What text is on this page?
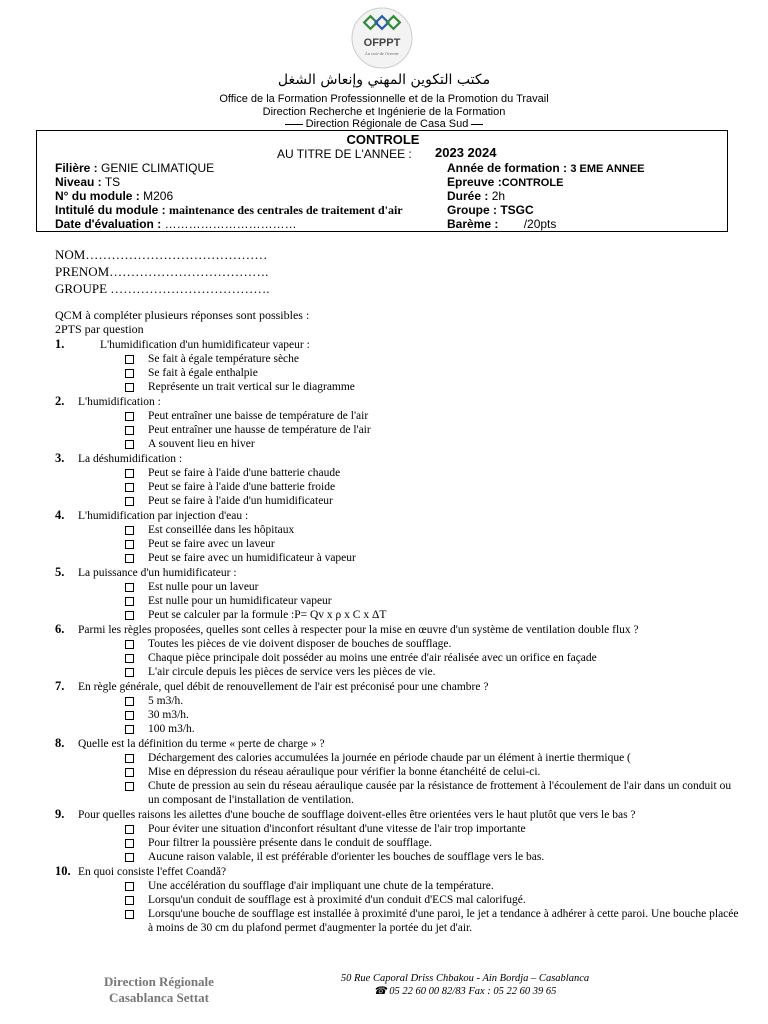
OFPPT
La voie de l'avenir
مكتب التكوين المهني وإنعاش الشغل
Office de la Formation Professionnelle et de la Promotion du Travail
Direction Recherche et Ingénierie de la Formation
Direction Régionale de Casa Sud
CONTROLE
AU TITRE DE L'ANNEE : 2023 2024
Filière : GENIE CLIMATIQUE
Niveau : TS
N° du module : M206
Intitulé du module : maintenance des centrales de traitement d'air
Date d'évaluation : ……………………………
Année de formation : 3 EME ANNEE
Epreuve :CONTROLE
Durée : 2h
Groupe : TSGC
Barème : /20pts
NOM……………………………………
PRENOM……………………………….
GROUPE ……………………………….
QCM à compléter plusieurs réponses sont possibles :
2PTS par question
1.	L'humidification d'un humidificateur vapeur :
Se fait à égale température sèche
Se fait à égale enthalpie
Représente un trait vertical sur le diagramme
2.	L'humidification :
Peut entraîner une baisse de température de l'air
Peut entraîner une hausse de température de l'air
A souvent lieu en hiver
3.	La déshumidification :
Peut se faire à l'aide d'une batterie chaude
Peut se faire à l'aide d'une batterie froide
Peut se faire à l'aide d'un humidificateur
4.	L'humidification par injection d'eau :
Est conseillée dans les hôpitaux
Peut se faire avec un laveur
Peut se faire avec un humidificateur à vapeur
5.	La puissance d'un humidificateur :
Est nulle pour un laveur
Est nulle pour un humidificateur vapeur
Peut se calculer par la formule :P= Qv x ρ x C x ΔT
6.	Parmi les règles proposées, quelles sont celles à respecter pour la mise en œuvre d'un système de ventilation double flux ?
Toutes les pièces de vie doivent disposer de bouches de soufflage.
Chaque pièce principale doit posséder au moins une entrée d'air réalisée avec un orifice en façade
L'air circule depuis les pièces de service vers les pièces de vie.
7.	En règle générale, quel débit de renouvellement de l'air est préconisé pour une chambre ?
5 m3/h.
30 m3/h.
100 m3/h.
8.	Quelle est la définition du terme « perte de charge » ?
Déchargement des calories accumulées la journée en période chaude par un élément à inertie thermique (
Mise en dépression du réseau aéraulique pour vérifier la bonne étanchéité de celui-ci.
Chute de pression au sein du réseau aéraulique causée par la résistance de frottement à l'écoulement de l'air dans un conduit ou un composant de l'installation de ventilation.
9.	Pour quelles raisons les ailettes d'une bouche de soufflage doivent-elles être orientées vers le haut plutôt que vers le bas ?
Pour éviter une situation d'inconfort résultant d'une vitesse de l'air trop importante
Pour filtrer la poussière présente dans le conduit de soufflage.
Aucune raison valable, il est préférable d'orienter les bouches de soufflage vers le bas.
10. En quoi consiste l'effet Coandă?
Une accélération du soufflage d'air impliquant une chute de la température.
Lorsqu'un conduit de soufflage est à proximité d'un conduit d'ECS mal calorifugé.
Lorsqu'une bouche de soufflage est installée à proximité d'une paroi, le jet a tendance à adhérer à cette paroi. Une bouche placée à moins de 30 cm du plafond permet d'augmenter la portée du jet d'air.
Direction Régionale
Casablanca Settat
50 Rue Caporal Driss Chbakou - Ain Bordja – Casablanca
☎ 05 22 60 00 82/83 Fax : 05 22 60 39 65
